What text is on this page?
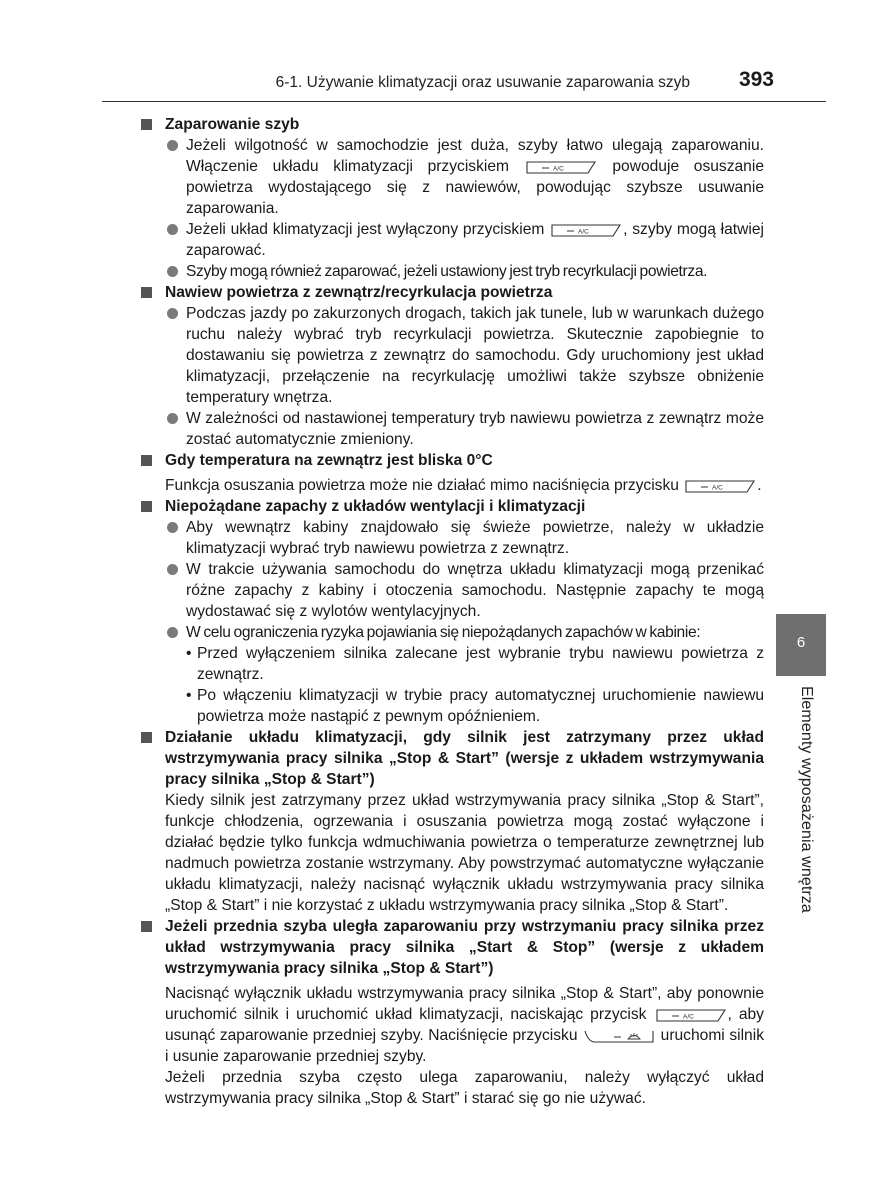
6-1. Używanie klimatyzacji oraz usuwanie zaparowania szyb	393
6
Elementy wyposażenia wnętrza
Zaparowanie szyb
Jeżeli wilgotność w samochodzie jest duża, szyby łatwo ulegają zaparowaniu. Włączenie układu klimatyzacji przyciskiem	A/C	powoduje osuszanie powietrza wydostającego się z nawiewów, powodując szybsze usuwanie zaparowania.
Jeżeli układ klimatyzacji jest wyłączony przyciskiem	A/C , szyby mogą łatwiej zaparować.
Szyby mogą również zaparować, jeżeli ustawiony jest tryb recyrkulacji powietrza.
Nawiew powietrza z zewnątrz/recyrkulacja powietrza
Podczas jazdy po zakurzonych drogach, takich jak tunele, lub w warunkach dużego ruchu należy wybrać tryb recyrkulacji powietrza. Skutecznie zapobiegnie to dostawaniu się powietrza z zewnątrz do samochodu. Gdy uruchomiony jest układ klimatyzacji, przełączenie na recyrkulację umożliwi także szybsze obniżenie temperatury wnętrza.
W zależności od nastawionej temperatury tryb nawiewu powietrza z zewnątrz może zostać automatycznie zmieniony.
Gdy temperatura na zewnątrz jest bliska 0°C
Funkcja osuszania powietrza może nie działać mimo naciśnięcia przycisku	A/C .
Niepożądane zapachy z układów wentylacji i klimatyzacji
Aby wewnątrz kabiny znajdowało się świeże powietrze, należy w układzie klimatyzacji wybrać tryb nawiewu powietrza z zewnątrz.
W trakcie używania samochodu do wnętrza układu klimatyzacji mogą przenikać różne zapachy z kabiny i otoczenia samochodu. Następnie zapachy te mogą wydostawać się z wylotów wentylacyjnych.
W celu ograniczenia ryzyka pojawiania się niepożądanych zapachów w kabinie:
• Przed wyłączeniem silnika zalecane jest wybranie trybu nawiewu powietrza z zewnątrz.
• Po włączeniu klimatyzacji w trybie pracy automatycznej uruchomienie nawiewu powietrza może nastąpić z pewnym opóźnieniem.
Działanie układu klimatyzacji, gdy silnik jest zatrzymany przez układ wstrzymywania pracy silnika „Stop & Start” (wersje z układem wstrzymywania pracy silnika „Stop & Start”)
Kiedy silnik jest zatrzymany przez układ wstrzymywania pracy silnika „Stop & Start”, funkcje chłodzenia, ogrzewania i osuszania powietrza mogą zostać wyłączone i działać będzie tylko funkcja wdmuchiwania powietrza o temperaturze zewnętrznej lub nadmuch powietrza zostanie wstrzymany. Aby powstrzymać automatyczne wyłączanie układu klimatyzacji, należy nacisnąć wyłącznik układu wstrzymywania pracy silnika „Stop & Start” i nie korzystać z układu wstrzymywania pracy silnika „Stop & Start”.
Jeżeli przednia szyba uległa zaparowaniu przy wstrzymaniu pracy silnika przez układ wstrzymywania pracy silnika „Start & Stop” (wersje z układem wstrzymywania pracy silnika „Stop & Start”)
Nacisnąć wyłącznik układu wstrzymywania pracy silnika „Stop & Start”, aby ponownie uruchomić silnik i uruchomić układ klimatyzacji, naciskając przycisk	A/C , aby usunąć zaparowanie przedniej szyby. Naciśnięcie przycisku	uruchomi silnik i usunie zaparowanie przedniej szyby.
Jeżeli przednia szyba często ulega zaparowaniu, należy wyłączyć układ wstrzymywania pracy silnika „Stop & Start” i starać się go nie używać.
